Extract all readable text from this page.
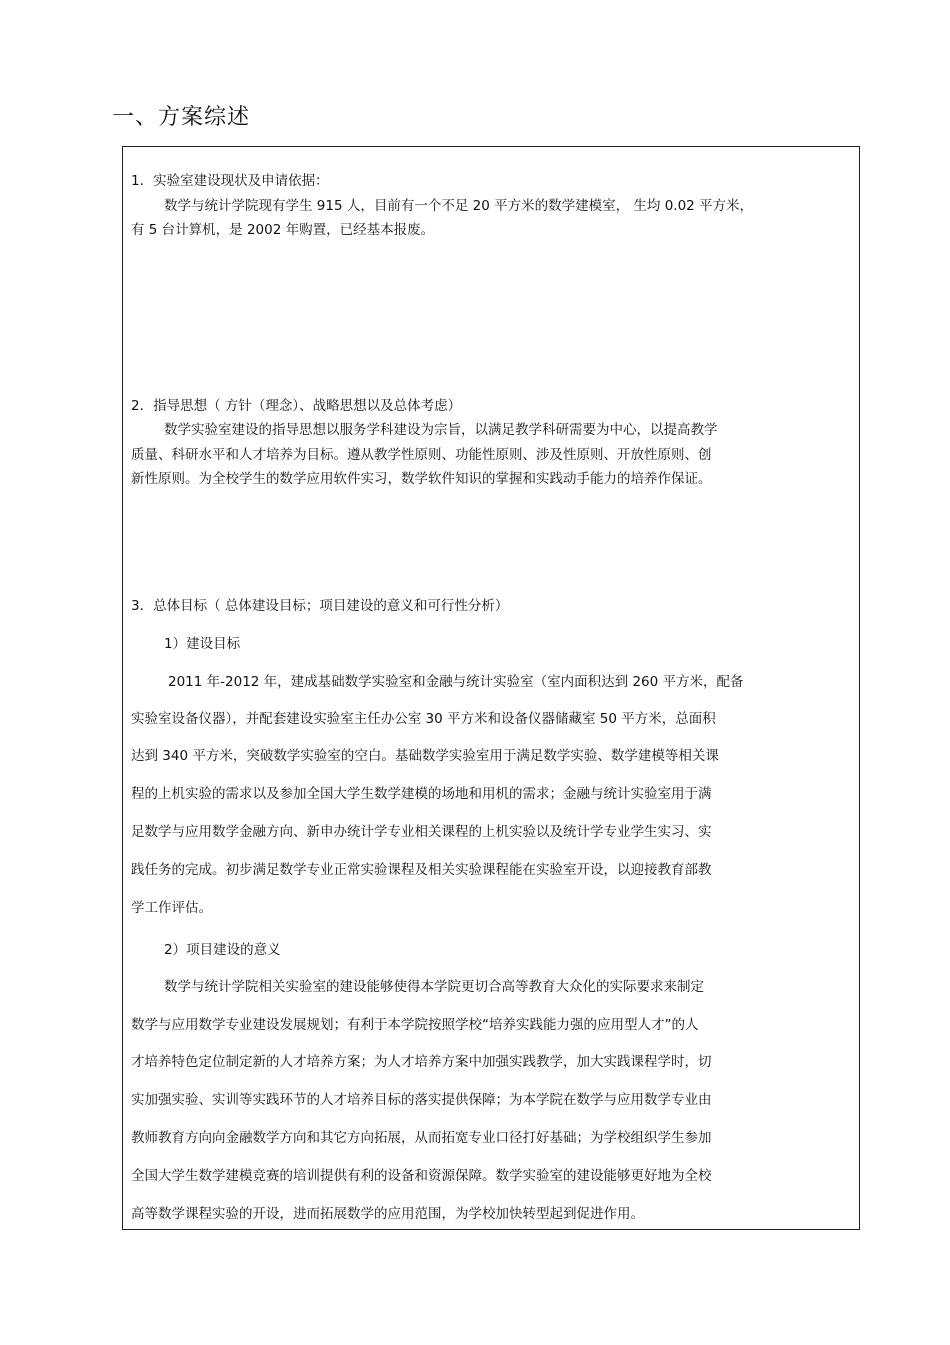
一、方案综述
1．实验室建设现状及申请依据：
数学与统计学院现有学生 915 人，目前有一个不足 20 平方米的数学建模室， 生均 0.02 平方米，
有 5 台计算机，是 2002 年购置，已经基本报废。
2．指导思想（ 方针（理念）、战略思想以及总体考虑）
数学实验室建设的指导思想以服务学科建设为宗旨，以满足教学科研需要为中心，以提高教学
质量、科研水平和人才培养为目标。遵从教学性原则、功能性原则、涉及性原则、开放性原则、创
新性原则。为全校学生的数学应用软件实习，数学软件知识的掌握和实践动手能力的培养作保证。
3．总体目标（ 总体建设目标；项目建设的意义和可行性分析）
1）建设目标
2011 年-2012 年，建成基础数学实验室和金融与统计实验室（室内面积达到 260 平方米，配备
实验室设备仪器），并配套建设实验室主任办公室 30 平方米和设备仪器储藏室 50 平方米，总面积
达到 340 平方米，突破数学实验室的空白。基础数学实验室用于满足数学实验、数学建模等相关课
程的上机实验的需求以及参加全国大学生数学建模的场地和用机的需求；金融与统计实验室用于满
足数学与应用数学金融方向、新申办统计学专业相关课程的上机实验以及统计学专业学生实习、实
践任务的完成。初步满足数学专业正常实验课程及相关实验课程能在实验室开设，以迎接教育部教
学工作评估。
2）项目建设的意义
数学与统计学院相关实验室的建设能够使得本学院更切合高等教育大众化的实际要求来制定
数学与应用数学专业建设发展规划；有利于本学院按照学校“培养实践能力强的应用型人才”的人
才培养特色定位制定新的人才培养方案；为人才培养方案中加强实践教学，加大实践课程学时，切
实加强实验、实训等实践环节的人才培养目标的落实提供保障；为本学院在数学与应用数学专业由
教师教育方向向金融数学方向和其它方向拓展，从而拓宽专业口径打好基础；为学校组织学生参加
全国大学生数学建模竞赛的培训提供有利的设备和资源保障。数学实验室的建设能够更好地为全校
高等数学课程实验的开设，进而拓展数学的应用范围，为学校加快转型起到促进作用。
